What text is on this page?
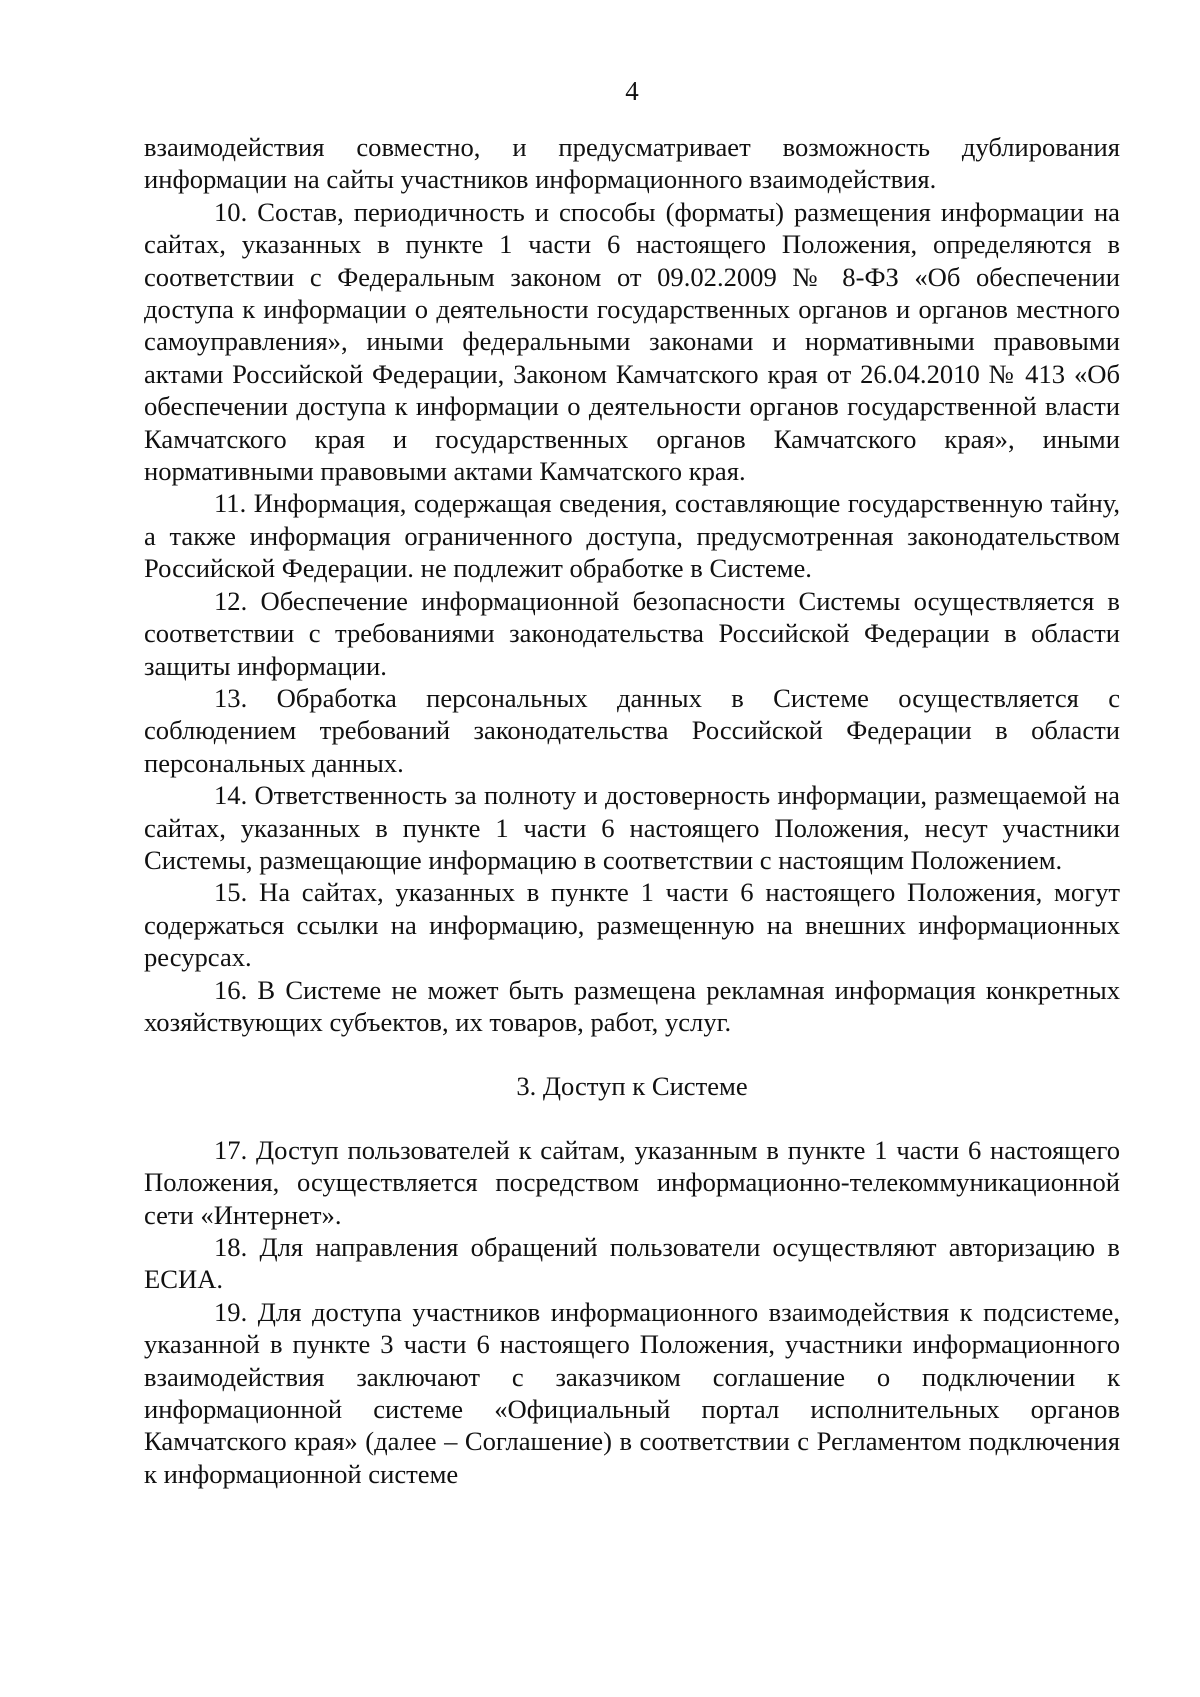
4

взаимодействия совместно, и предусматривает возможность дублирования информации на сайты участников информационного взаимодействия.

10. Состав, периодичность и способы (форматы) размещения информации на сайтах, указанных в пункте 1 части 6 настоящего Положения, определяются в соответствии с Федеральным законом от 09.02.2009 № 8-ФЗ «Об обеспечении доступа к информации о деятельности государственных органов и органов местного самоуправления», иными федеральными законами и нормативными правовыми актами Российской Федерации, Законом Камчатского края от 26.04.2010 № 413 «Об обеспечении доступа к информации о деятельности органов государственной власти Камчатского края и государственных органов Камчатского края», иными нормативными правовыми актами Камчатского края.

11. Информация, содержащая сведения, составляющие государственную тайну, а также информация ограниченного доступа, предусмотренная законодательством Российской Федерации. не подлежит обработке в Системе.

12. Обеспечение информационной безопасности Системы осуществляется в соответствии с требованиями законодательства Российской Федерации в области защиты информации.

13. Обработка персональных данных в Системе осуществляется с соблюдением требований законодательства Российской Федерации в области персональных данных.

14. Ответственность за полноту и достоверность информации, размещаемой на сайтах, указанных в пункте 1 части 6 настоящего Положения, несут участники Системы, размещающие информацию в соответствии с настоящим Положением.

15. На сайтах, указанных в пункте 1 части 6 настоящего Положения, могут содержаться ссылки на информацию, размещенную на внешних информационных ресурсах.

16. В Системе не может быть размещена рекламная информация конкретных хозяйствующих субъектов, их товаров, работ, услуг.

3. Доступ к Системе

17. Доступ пользователей к сайтам, указанным в пункте 1 части 6 настоящего Положения, осуществляется посредством информационно-телекоммуникационной сети «Интернет».

18. Для направления обращений пользователи осуществляют авторизацию в ЕСИА.

19. Для доступа участников информационного взаимодействия к подсистеме, указанной в пункте 3 части 6 настоящего Положения, участники информационного взаимодействия заключают с заказчиком соглашение о подключении к информационной системе «Официальный портал исполнительных органов Камчатского края» (далее – Соглашение) в соответствии с Регламентом подключения к информационной системе
